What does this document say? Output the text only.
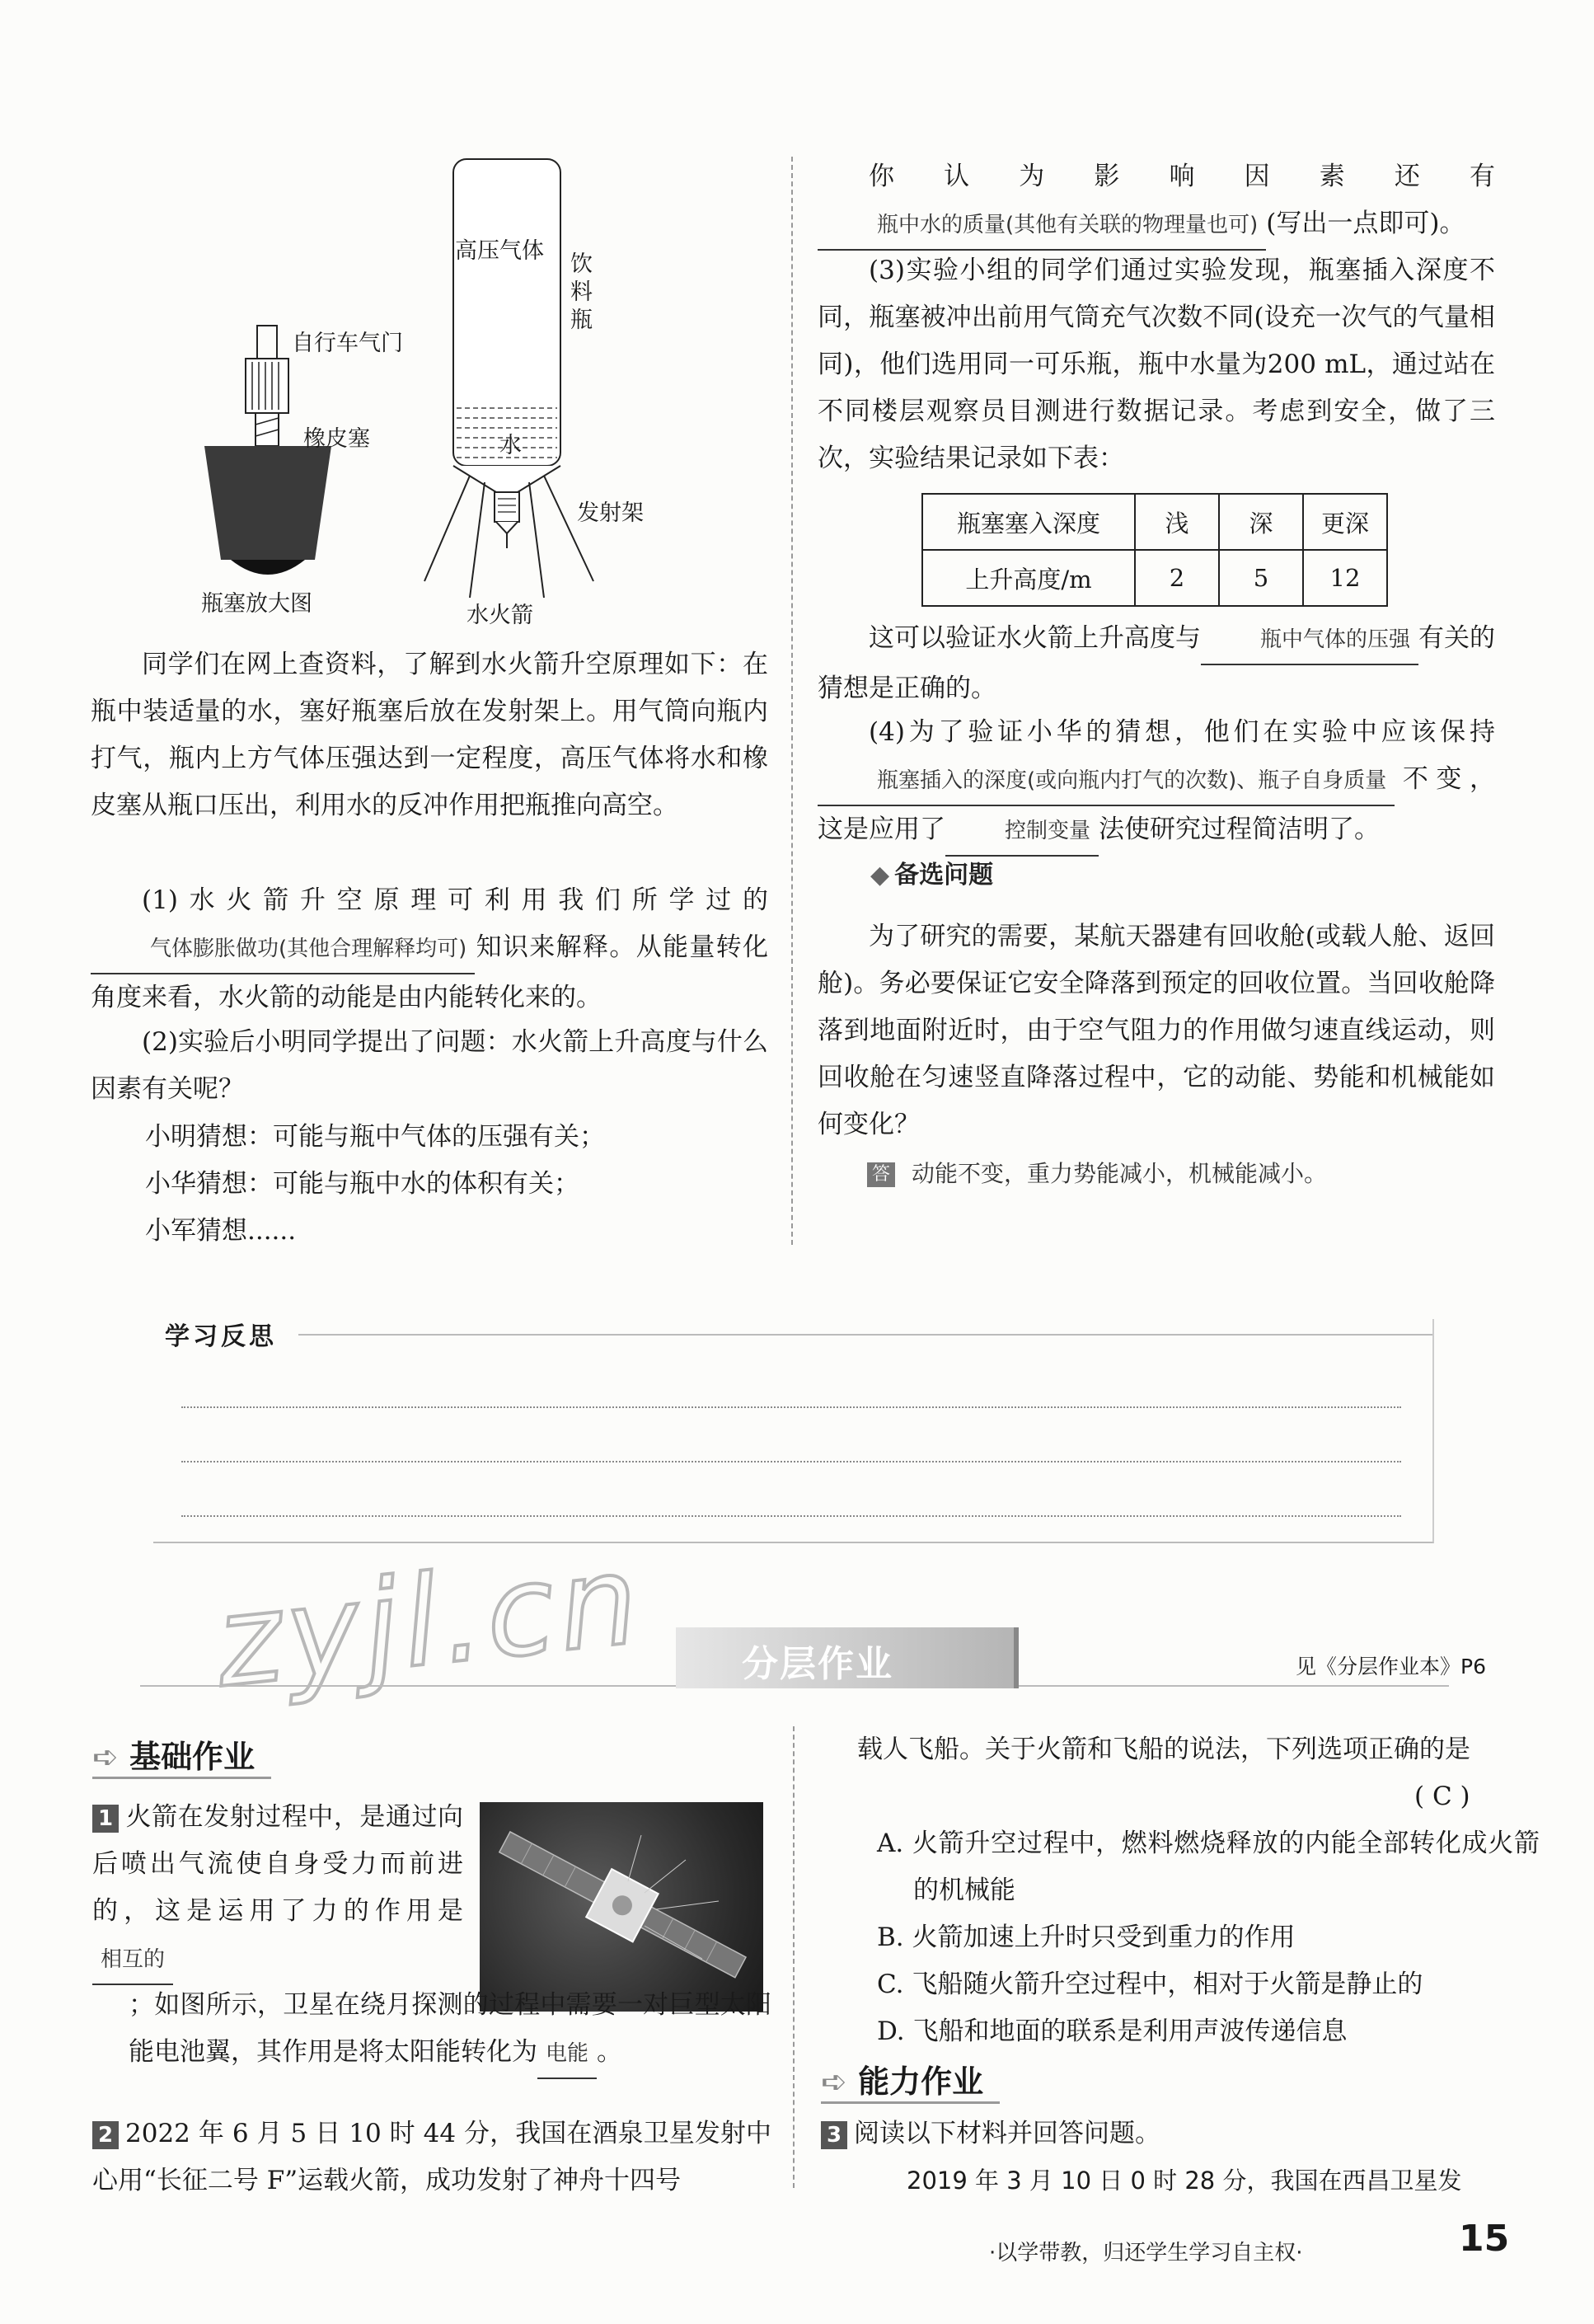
自行车气门
橡皮塞
瓶塞放大图
高压气体
饮
料
瓶
水
发射架
水火箭
同学们在网上查资料，了解到水火箭升空原理如下：在瓶中装适量的水，塞好瓶塞后放在发射架上。用气筒向瓶内打气，瓶内上方气体压强达到一定程度，高压气体将水和橡皮塞从瓶口压出，利用水的反冲作用把瓶推向高空。
(1)水火箭升空原理可利用我们所学过的气体膨胀做功(其他合理解释均可) 知识来解释。从能量转化角度来看，水火箭的动能是由内能转化来的。
(2)实验后小明同学提出了问题：水火箭上升高度与什么因素有关呢？
小明猜想：可能与瓶中气体的压强有关；
小华猜想：可能与瓶中水的体积有关；
小军猜想......
你认为影响因素还有瓶中水的质量(其他有关联的物理量也可) (写出一点即可)。
(3)实验小组的同学们通过实验发现，瓶塞插入深度不同，瓶塞被冲出前用气筒充气次数不同(设充一次气的气量相同)，他们选用同一可乐瓶，瓶中水量为200 mL，通过站在不同楼层观察员目测进行数据记录。考虑到安全，做了三次，实验结果记录如下表：
瓶塞塞入深度	浅	深	更深
上升高度/m	2	5	12
这可以验证水火箭上升高度与	瓶中气体的压强 有关的猜想是正确的。
(4)为了验证小华的猜想，他们在实验中应该保持瓶塞插入的深度(或向瓶内打气的次数)、瓶子自身质量 不变，这是应用了	控制变量 法使研究过程简洁明了。
◆ 备选问题
为了研究的需要，某航天器建有回收舱(或载人舱、返回舱)。务必要保证它安全降落到预定的回收位置。当回收舱降落到地面附近时，由于空气阻力的作用做匀速直线运动，则回收舱在匀速竖直降落过程中，它的动能、势能和机械能如何变化？
答 动能不变，重力势能减小，机械能减小。
学习反思
zyjl.cn	分层作业	见《分层作业本》P6
➪ 基础作业
1 火箭在发射过程中，是通过向后喷出气流使自身受力而前进的，这是运用了力的作用是相互的
；如图所示，卫星在绕月探测的过程中需要一对巨型太阳能电池翼，其作用是将太阳能转化为 电能 。
2 2022 年 6 月 5 日 10 时 44 分，我国在酒泉卫星发射中心用“长征二号 F”运载火箭，成功发射了神舟十四号
载人飞船。关于火箭和飞船的说法，下列选项正确的是
( C )
A. 火箭升空过程中，燃料燃烧释放的内能全部转化成火箭的机械能
B. 火箭加速上升时只受到重力的作用
C. 飞船随火箭升空过程中，相对于火箭是静止的
D. 飞船和地面的联系是利用声波传递信息
➪ 能力作业
3 阅读以下材料并回答问题。
2019 年 3 月 10 日 0 时 28 分，我国在西昌卫星发
·以学带教，归还学生学习自主权·	15
